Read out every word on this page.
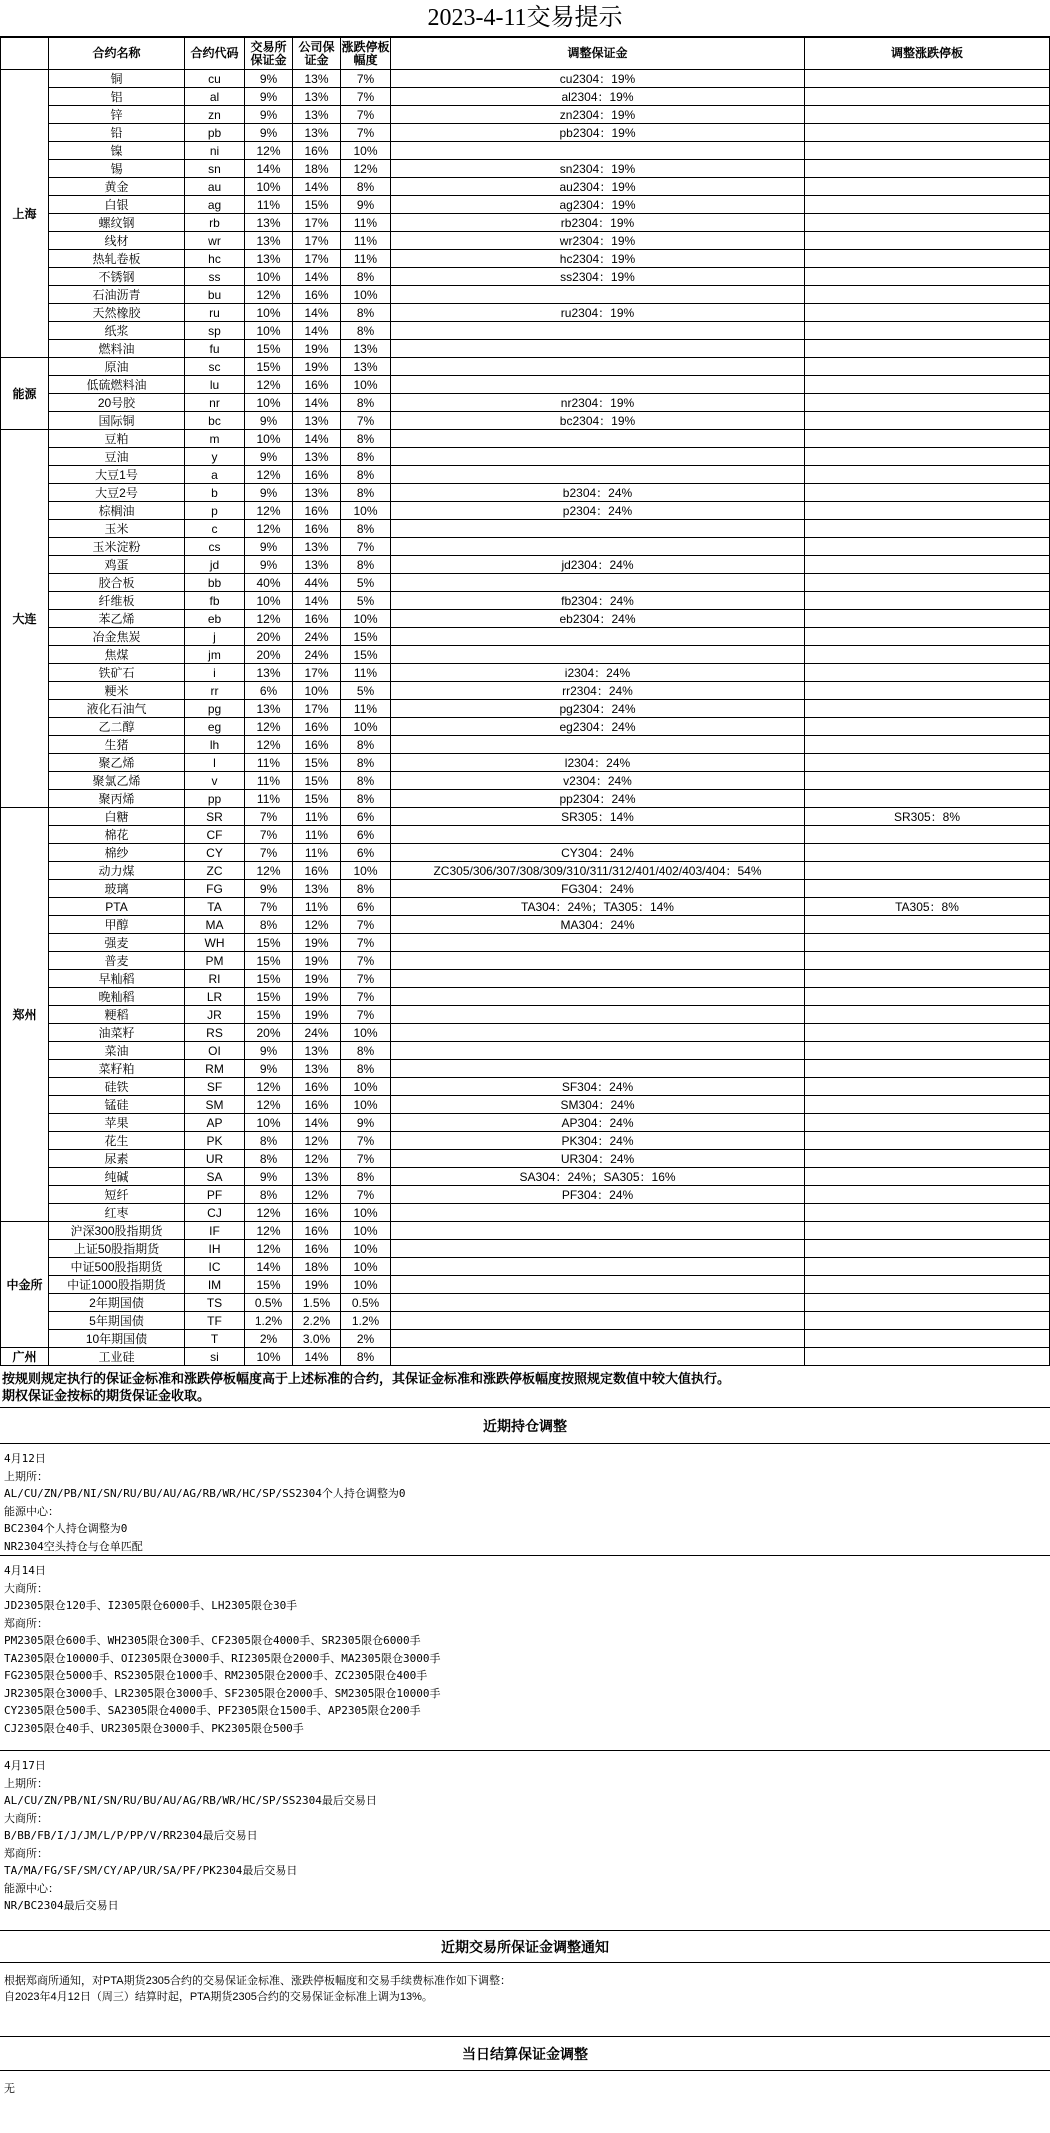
2023-4-11交易提示
	合约名称	合约代码	交易所保证金	公司保证金	涨跌停板幅度	调整保证金	调整涨跌停板
上海	铜	cu	9%	13%	7%	cu2304：19%	
	铝	al	9%	13%	7%	al2304：19%	
	锌	zn	9%	13%	7%	zn2304：19%	
	铅	pb	9%	13%	7%	pb2304：19%	
	镍	ni	12%	16%	10%		
	锡	sn	14%	18%	12%	sn2304：19%	
	黄金	au	10%	14%	8%	au2304：19%	
	白银	ag	11%	15%	9%	ag2304：19%	
	螺纹钢	rb	13%	17%	11%	rb2304：19%	
	线材	wr	13%	17%	11%	wr2304：19%	
	热轧卷板	hc	13%	17%	11%	hc2304：19%	
	不锈钢	ss	10%	14%	8%	ss2304：19%	
	石油沥青	bu	12%	16%	10%		
	天然橡胶	ru	10%	14%	8%	ru2304：19%	
	纸浆	sp	10%	14%	8%		
	燃料油	fu	15%	19%	13%		
能源	原油	sc	15%	19%	13%		
	低硫燃料油	lu	12%	16%	10%		
	20号胶	nr	10%	14%	8%	nr2304：19%	
	国际铜	bc	9%	13%	7%	bc2304：19%	
大连	豆粕	m	10%	14%	8%		
	豆油	y	9%	13%	8%		
	大豆1号	a	12%	16%	8%		
	大豆2号	b	9%	13%	8%	b2304：24%	
	棕榈油	p	12%	16%	10%	p2304：24%	
	玉米	c	12%	16%	8%		
	玉米淀粉	cs	9%	13%	7%		
	鸡蛋	jd	9%	13%	8%	jd2304：24%	
	胶合板	bb	40%	44%	5%		
	纤维板	fb	10%	14%	5%	fb2304：24%	
	苯乙烯	eb	12%	16%	10%	eb2304：24%	
	冶金焦炭	j	20%	24%	15%		
	焦煤	jm	20%	24%	15%		
	铁矿石	i	13%	17%	11%	i2304：24%	
	粳米	rr	6%	10%	5%	rr2304：24%	
	液化石油气	pg	13%	17%	11%	pg2304：24%	
	乙二醇	eg	12%	16%	10%	eg2304：24%	
	生猪	lh	12%	16%	8%		
	聚乙烯	l	11%	15%	8%	l2304：24%	
	聚氯乙烯	v	11%	15%	8%	v2304：24%	
	聚丙烯	pp	11%	15%	8%	pp2304：24%	
郑州	白糖	SR	7%	11%	6%	SR305：14%	SR305：8%
	棉花	CF	7%	11%	6%		
	棉纱	CY	7%	11%	6%	CY304：24%	
	动力煤	ZC	12%	16%	10%	ZC305/306/307/308/309/310/311/312/401/402/403/404：54%	
	玻璃	FG	9%	13%	8%	FG304：24%	
	PTA	TA	7%	11%	6%	TA304：24%；TA305：14%	TA305：8%
	甲醇	MA	8%	12%	7%	MA304：24%	
	强麦	WH	15%	19%	7%		
	普麦	PM	15%	19%	7%		
	早籼稻	RI	15%	19%	7%		
	晚籼稻	LR	15%	19%	7%		
	粳稻	JR	15%	19%	7%		
	油菜籽	RS	20%	24%	10%		
	菜油	OI	9%	13%	8%		
	菜籽粕	RM	9%	13%	8%		
	硅铁	SF	12%	16%	10%	SF304：24%	
	锰硅	SM	12%	16%	10%	SM304：24%	
	苹果	AP	10%	14%	9%	AP304：24%	
	花生	PK	8%	12%	7%	PK304：24%	
	尿素	UR	8%	12%	7%	UR304：24%	
	纯碱	SA	9%	13%	8%	SA304：24%；SA305：16%	
	短纤	PF	8%	12%	7%	PF304：24%	
	红枣	CJ	12%	16%	10%		
中金所	沪深300股指期货	IF	12%	16%	10%		
	上证50股指期货	IH	12%	16%	10%		
	中证500股指期货	IC	14%	18%	10%		
	中证1000股指期货	IM	15%	19%	10%		
	2年期国债	TS	0.5%	1.5%	0.5%		
	5年期国债	TF	1.2%	2.2%	1.2%		
	10年期国债	T	2%	3.0%	2%		
广州	工业硅	si	10%	14%	8%		
按规则规定执行的保证金标准和涨跌停板幅度高于上述标准的合约，其保证金标准和涨跌停板幅度按照规定数值中较大值执行。
期权保证金按标的期货保证金收取。
近期持仓调整
4月12日
上期所：
AL/CU/ZN/PB/NI/SN/RU/BU/AU/AG/RB/WR/HC/SP/SS2304个人持仓调整为0
能源中心：
BC2304个人持仓调整为0
NR2304空头持仓与仓单匹配
4月14日
大商所：
JD2305限仓120手、I2305限仓6000手、LH2305限仓30手
郑商所：
PM2305限仓600手、WH2305限仓300手、CF2305限仓4000手、SR2305限仓6000手
TA2305限仓10000手、OI2305限仓3000手、RI2305限仓2000手、MA2305限仓3000手
FG2305限仓5000手、RS2305限仓1000手、RM2305限仓2000手、ZC2305限仓400手
JR2305限仓3000手、LR2305限仓3000手、SF2305限仓2000手、SM2305限仓10000手
CY2305限仓500手、SA2305限仓4000手、PF2305限仓1500手、AP2305限仓200手
CJ2305限仓40手、UR2305限仓3000手、PK2305限仓500手
4月17日
上期所：
AL/CU/ZN/PB/NI/SN/RU/BU/AU/AG/RB/WR/HC/SP/SS2304最后交易日
大商所：
B/BB/FB/I/J/JM/L/P/PP/V/RR2304最后交易日
郑商所：
TA/MA/FG/SF/SM/CY/AP/UR/SA/PF/PK2304最后交易日
能源中心：
NR/BC2304最后交易日
近期交易所保证金调整通知
根据郑商所通知，对PTA期货2305合约的交易保证金标准、涨跌停板幅度和交易手续费标准作如下调整：
自2023年4月12日（周三）结算时起，PTA期货2305合约的交易保证金标准上调为13%。
当日结算保证金调整
无
